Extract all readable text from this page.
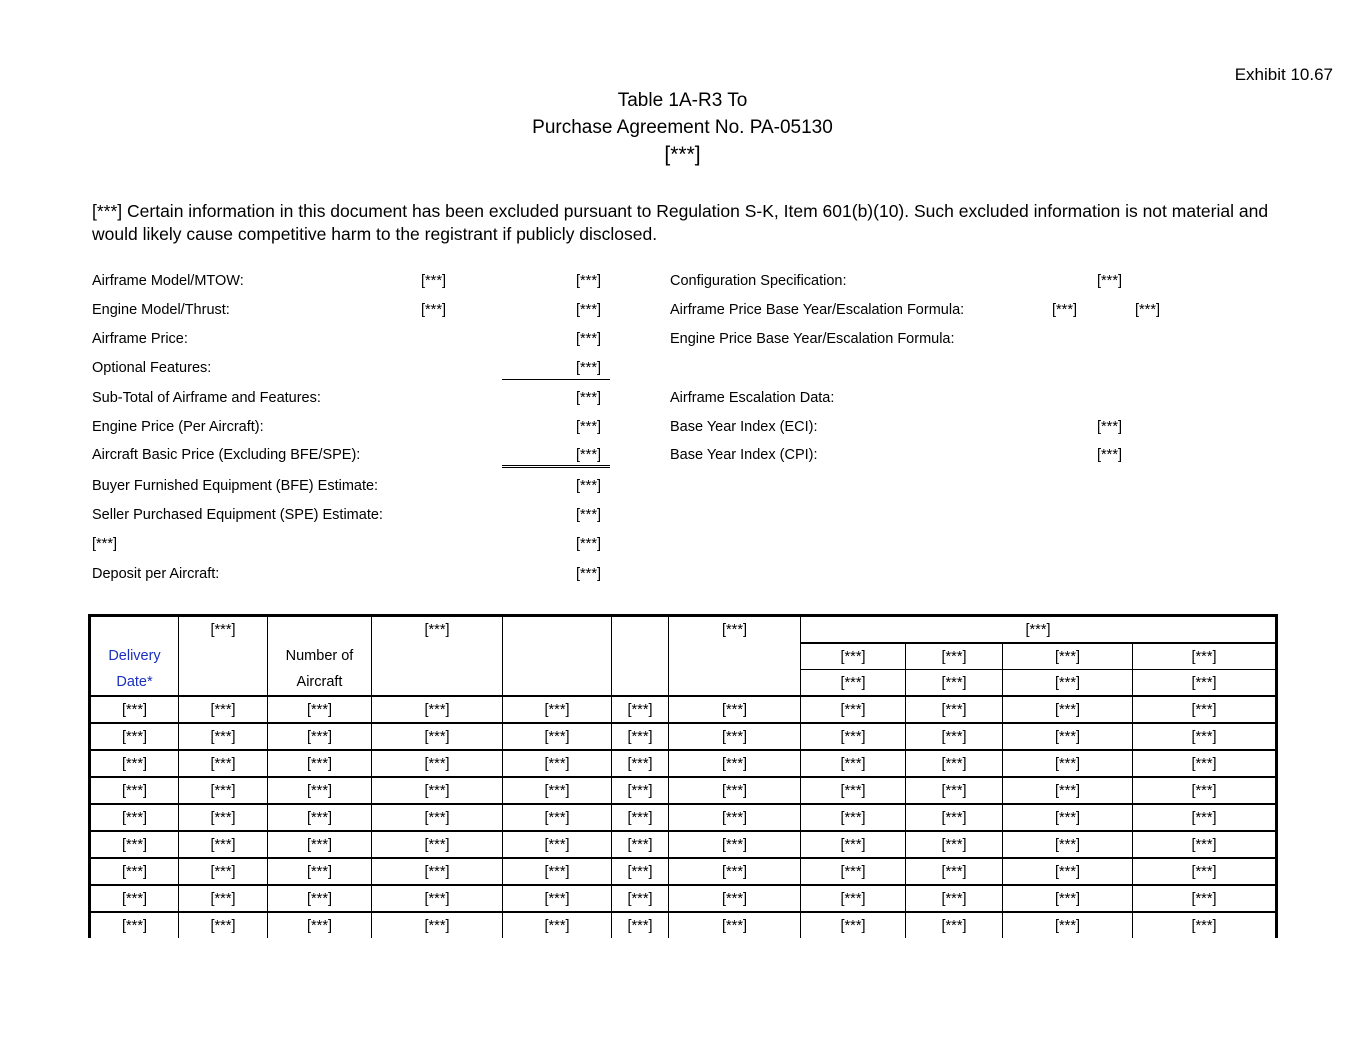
Exhibit 10.67
Table 1A-R3 To
Purchase Agreement No. PA-05130
[***]
[***] Certain information in this document has been excluded pursuant to Regulation S-K, Item 601(b)(10). Such excluded information is not material and would likely cause competitive harm to the registrant if publicly disclosed.
Airframe Model/MTOW:	[***]	[***]
Engine Model/Thrust:	[***]	[***]
Airframe Price:	[***]
Optional Features:	[***]
Sub-Total of Airframe and Features:	[***]
Engine Price (Per Aircraft):	[***]
Aircraft Basic Price (Excluding BFE/SPE):	[***]
Buyer Furnished Equipment (BFE) Estimate:	[***]
Seller Purchased Equipment (SPE) Estimate:	[***]
[***]	[***]
Deposit per Aircraft:	[***]
Configuration Specification:	[***]
Airframe Price Base Year/Escalation Formula:	[***]	[***]
Engine Price Base Year/Escalation Formula:
Airframe Escalation Data:
Base Year Index (ECI):	[***]
Base Year Index (CPI):	[***]
	[***]		[***]			[***]	[***]			
Delivery		Number of					[***]	[***]	[***]	[***]
Date*		Aircraft					[***]	[***]	[***]	[***]
[***]	[***]	[***]	[***]	[***]	[***]	[***]	[***]	[***]	[***]	[***]
[***]	[***]	[***]	[***]	[***]	[***]	[***]	[***]	[***]	[***]	[***]
[***]	[***]	[***]	[***]	[***]	[***]	[***]	[***]	[***]	[***]	[***]
[***]	[***]	[***]	[***]	[***]	[***]	[***]	[***]	[***]	[***]	[***]
[***]	[***]	[***]	[***]	[***]	[***]	[***]	[***]	[***]	[***]	[***]
[***]	[***]	[***]	[***]	[***]	[***]	[***]	[***]	[***]	[***]	[***]
[***]	[***]	[***]	[***]	[***]	[***]	[***]	[***]	[***]	[***]	[***]
[***]	[***]	[***]	[***]	[***]	[***]	[***]	[***]	[***]	[***]	[***]
[***]	[***]	[***]	[***]	[***]	[***]	[***]	[***]	[***]	[***]	[***]
